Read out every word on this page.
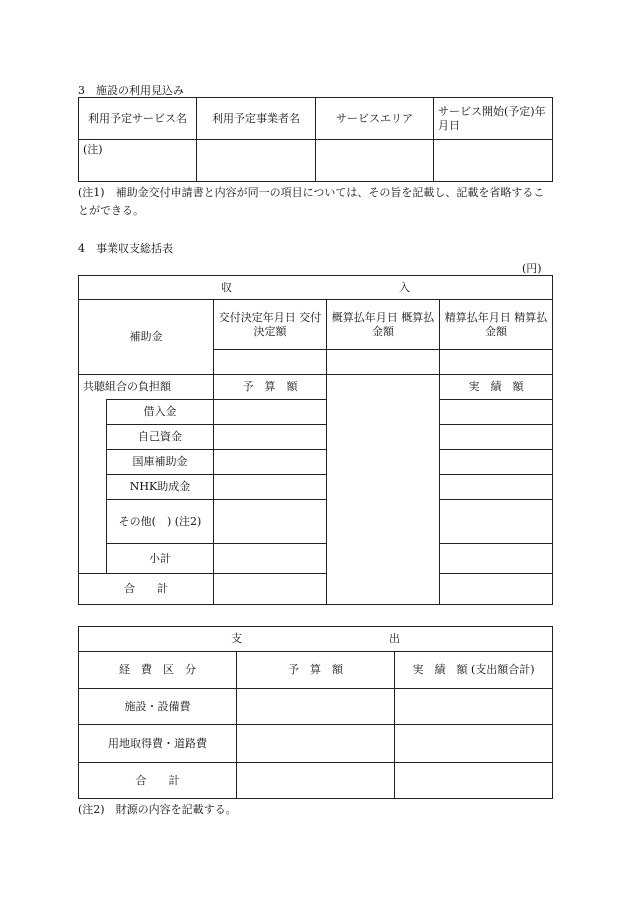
3　施設の利用見込み
利用予定サービス名	利用予定事業者名	サービスエリア	サービス開始(予定)年月日
(注)			
(注1)　補助金交付申請書と内容が同一の項目については、その旨を記載し、記載を省略することができる。
4　事業収支総括表
(円)
収 入				
補助金		交付決定年月日 交付決定額	概算払年月日 概算払金額	精算払年月日 精算払金額

共聴組合の負担額		予　算　額		実　績　額
	借入金			
	自己資金			
	国庫補助金			
	NHK助成金			
	その他(　) (注2)			
	小計			
合　　計				
支 出		
経　費　区　分	予　算　額	実　績　額 (支出額合計)
施設・設備費		
用地取得費・道路費		
合　　計		
(注2)　財源の内容を記載する。
